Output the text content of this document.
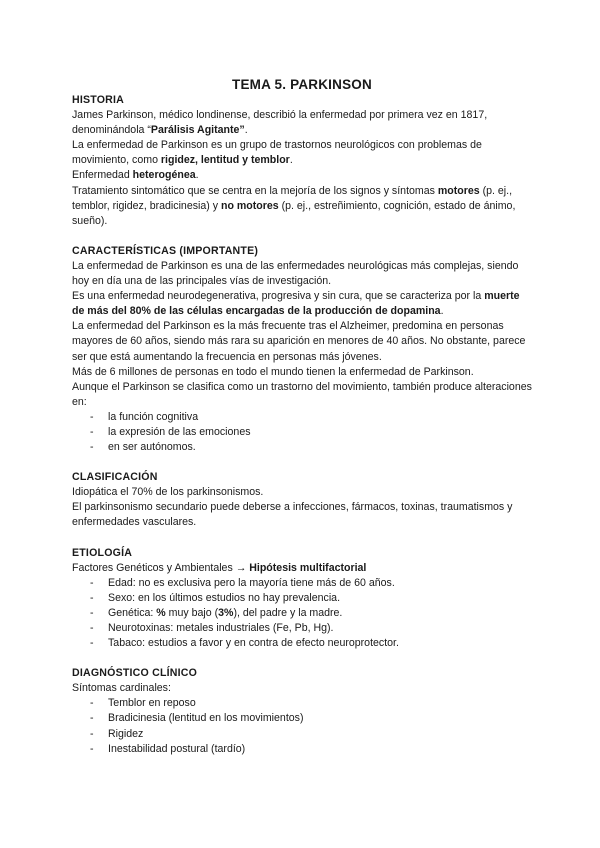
TEMA 5. PARKINSON
HISTORIA

James Parkinson, médico londinense, describió la enfermedad por primera vez en 1817, denominándola “Parálisis Agitante”.

La enfermedad de Parkinson es un grupo de trastornos neurológicos con problemas de movimiento, como rigidez, lentitud y temblor.

Enfermedad heterogénea.

Tratamiento sintomático que se centra en la mejoría de los signos y síntomas motores (p. ej., temblor, rigidez, bradicinesia) y no motores (p. ej., estreñimiento, cognición, estado de ánimo, sueño).

CARACTERÍSTICAS (IMPORTANTE)

La enfermedad de Parkinson es una de las enfermedades neurológicas más complejas, siendo hoy en día una de las principales vías de investigación.

Es una enfermedad neurodegenerativa, progresiva y sin cura, que se caracteriza por la muerte de más del 80% de las células encargadas de la producción de dopamina.

La enfermedad del Parkinson es la más frecuente tras el Alzheimer, predomina en personas mayores de 60 años, siendo más rara su aparición en menores de 40 años. No obstante, parece ser que está aumentando la frecuencia en personas más jóvenes.

Más de 6 millones de personas en todo el mundo tienen la enfermedad de Parkinson.

Aunque el Parkinson se clasifica como un trastorno del movimiento, también produce alteraciones en:

- la función cognitiva
- la expresión de las emociones
- en ser autónomos.
CLASIFICACIÓN

Idiopática el 70% de los parkinsonismos.

El parkinsonismo secundario puede deberse a infecciones, fármacos, toxinas, traumatismos y enfermedades vasculares.

ETIOLOGÍA

Factores Genéticos y Ambientales → Hipótesis multifactorial

- Edad: no es exclusiva pero la mayoría tiene más de 60 años.
- Sexo: en los últimos estudios no hay prevalencia.
- Genética: % muy bajo (3%), del padre y la madre.
- Neurotoxinas: metales industriales (Fe, Pb, Hg).
- Tabaco: estudios a favor y en contra de efecto neuroprotector.
DIAGNÓSTICO CLÍNICO

Síntomas cardinales:

- Temblor en reposo
- Bradicinesia (lentitud en los movimientos)
- Rigidez
- Inestabilidad postural (tardío)
